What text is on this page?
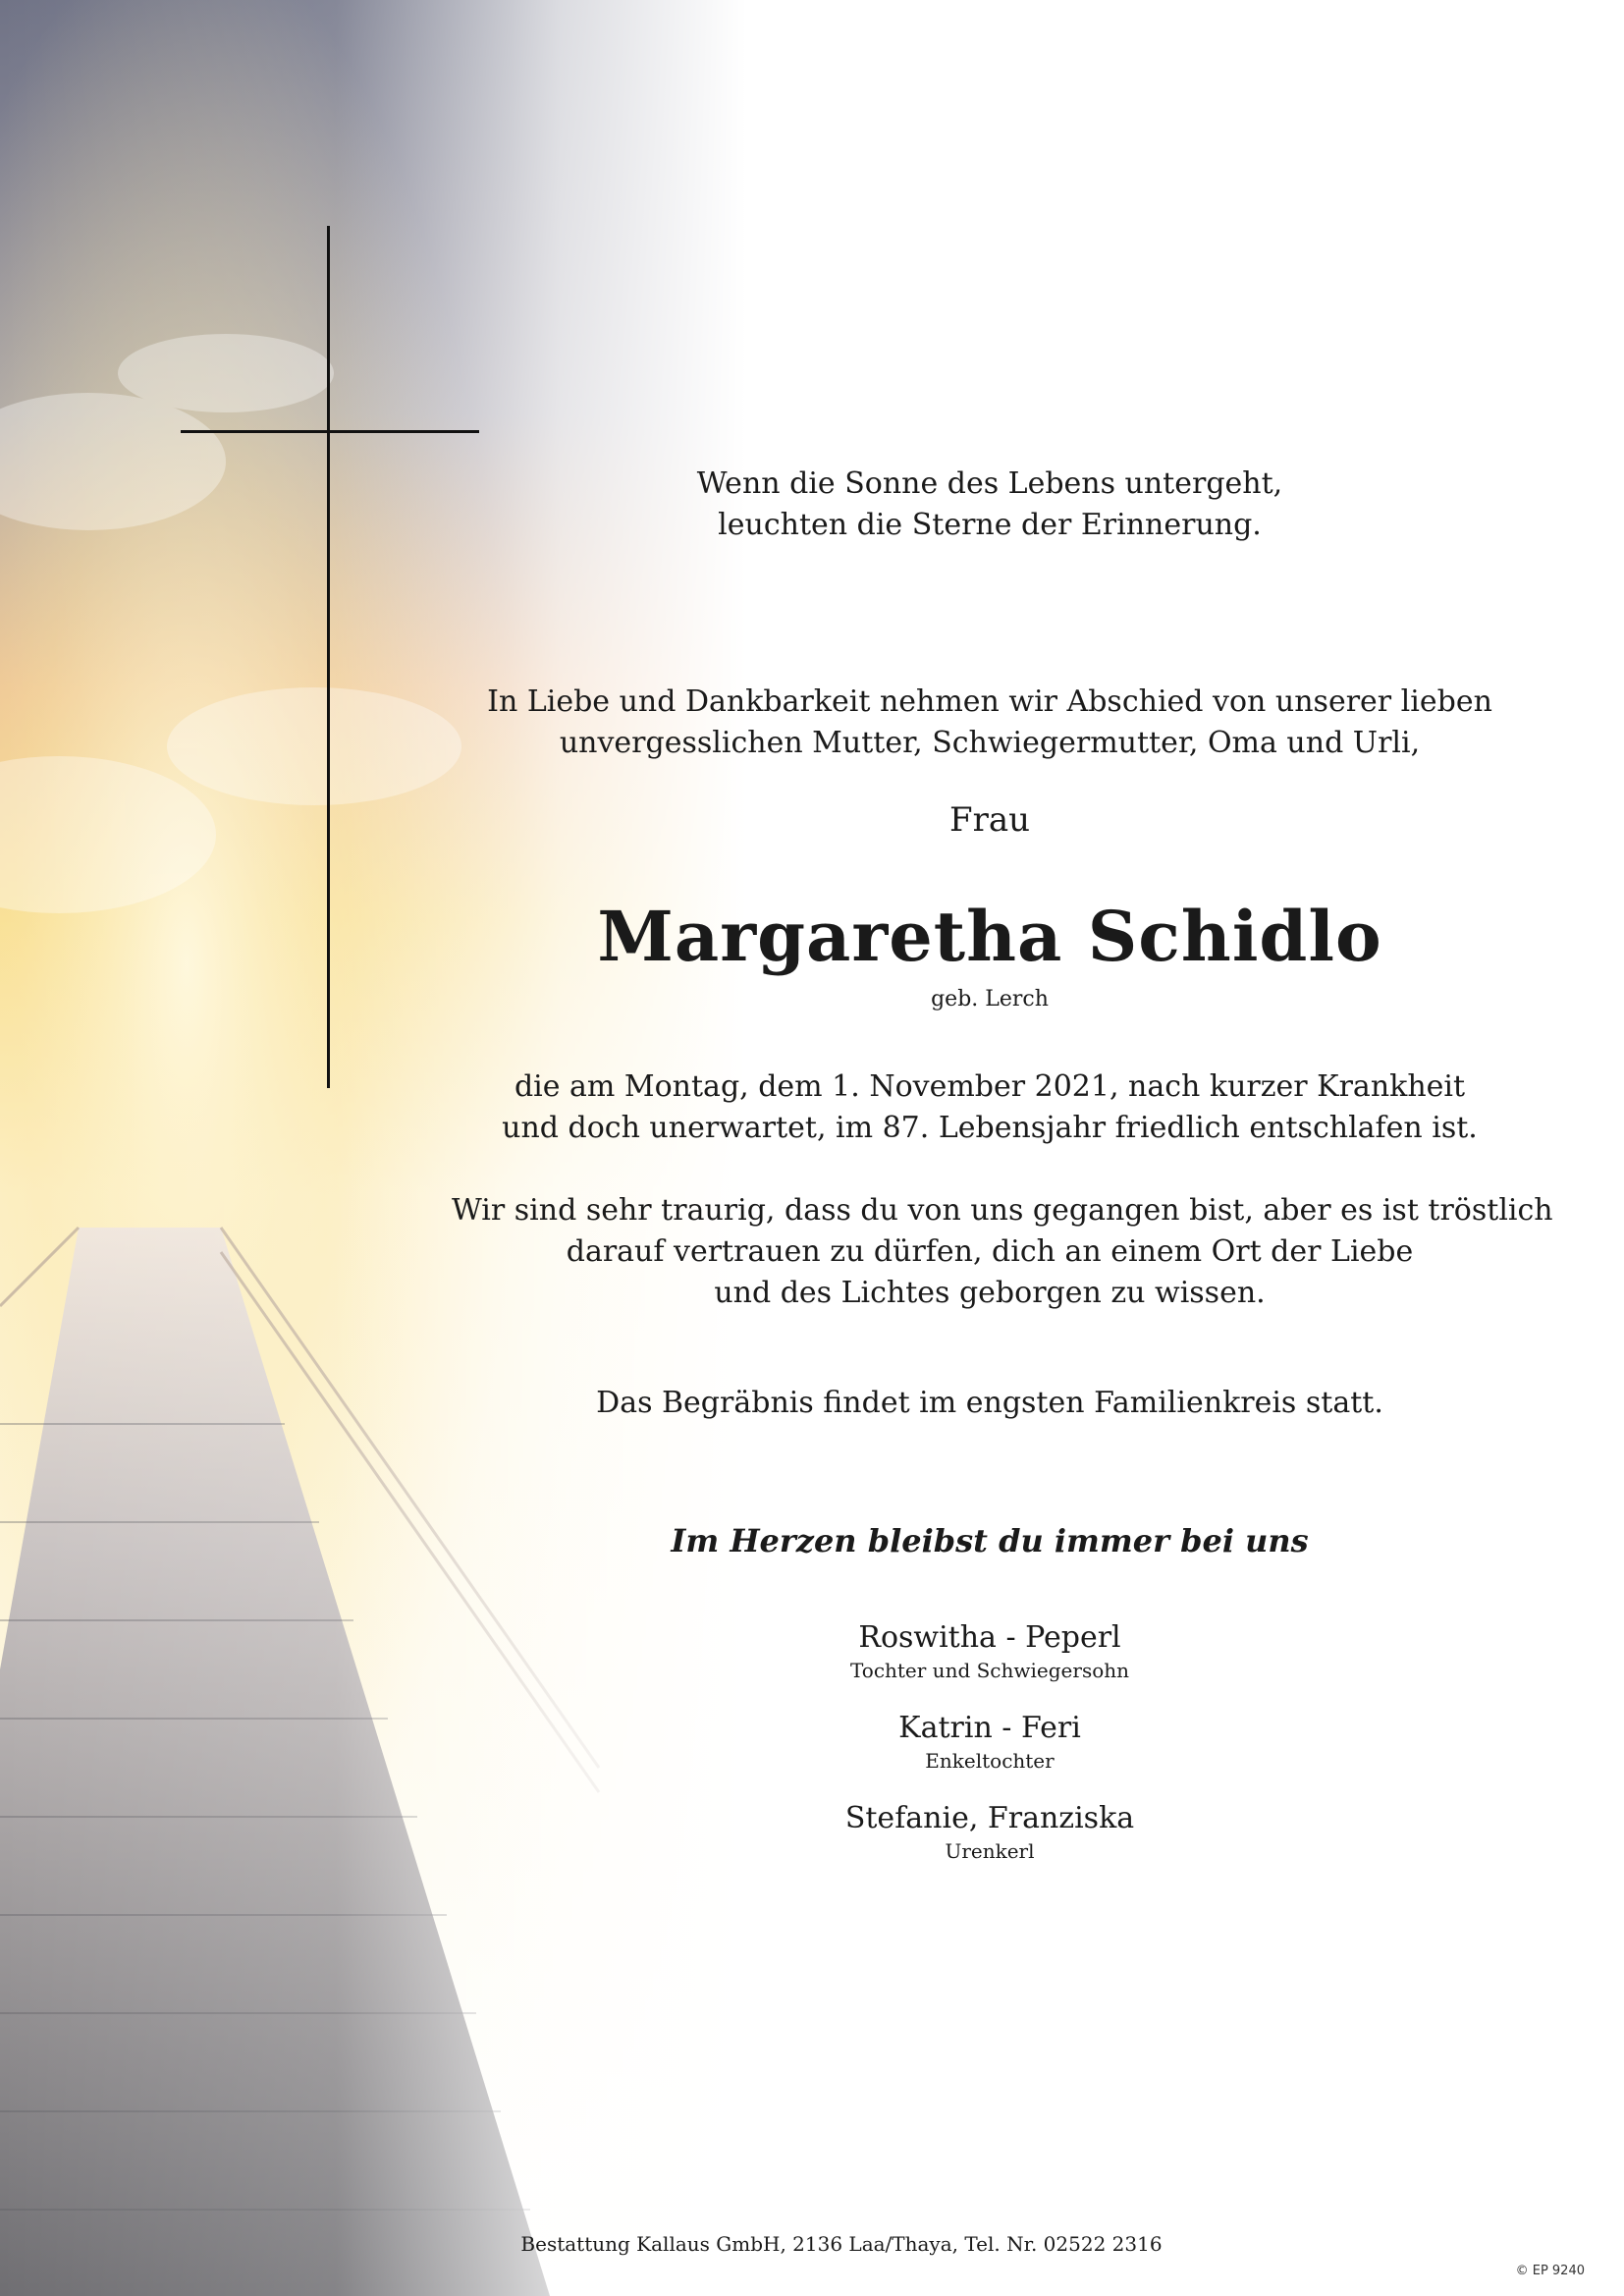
Wenn die Sonne des Lebens untergeht,
leuchten die Sterne der Erinnerung.
In Liebe und Dankbarkeit nehmen wir Abschied von unserer lieben
unvergesslichen Mutter, Schwiegermutter, Oma und Urli,
Frau
Margaretha Schidlo
geb. Lerch
die am Montag, dem 1. November 2021, nach kurzer Krankheit
und doch unerwartet, im 87. Lebensjahr friedlich entschlafen ist.
Wir sind sehr traurig, dass du von uns gegangen bist, aber es ist tröstlich
darauf vertrauen zu dürfen, dich an einem Ort der Liebe
und des Lichtes geborgen zu wissen.
Das Begräbnis findet im engsten Familienkreis statt.
Im Herzen bleibst du immer bei uns
Roswitha - Peperl
Tochter und Schwiegersohn
Katrin - Feri
Enkeltochter
Stefanie, Franziska
Urenkerl
Bestattung Kallaus GmbH, 2136 Laa/Thaya, Tel. Nr. 02522 2316
© EP 9240
